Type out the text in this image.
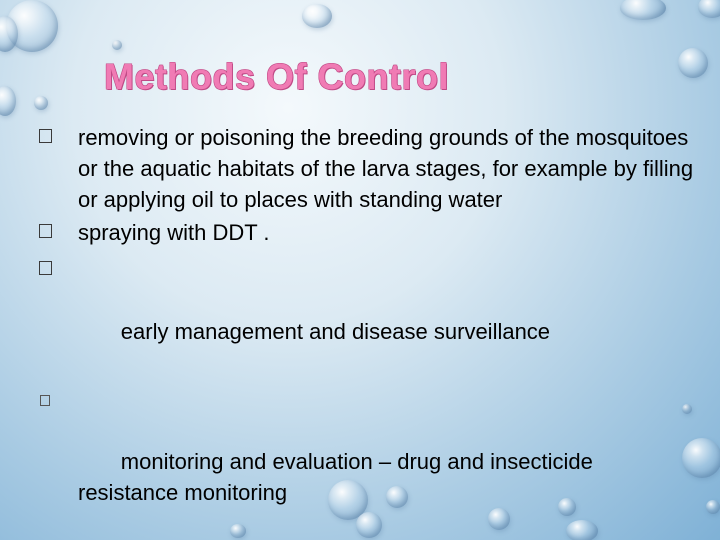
Methods Of Control
removing or poisoning the breeding grounds of the mosquitoes or the aquatic habitats of the larva stages, for example by filling or applying oil to places with standing water
spraying with DDT .

early management and disease surveillance

monitoring and evaluation – drug and insecticide resistance monitoring
